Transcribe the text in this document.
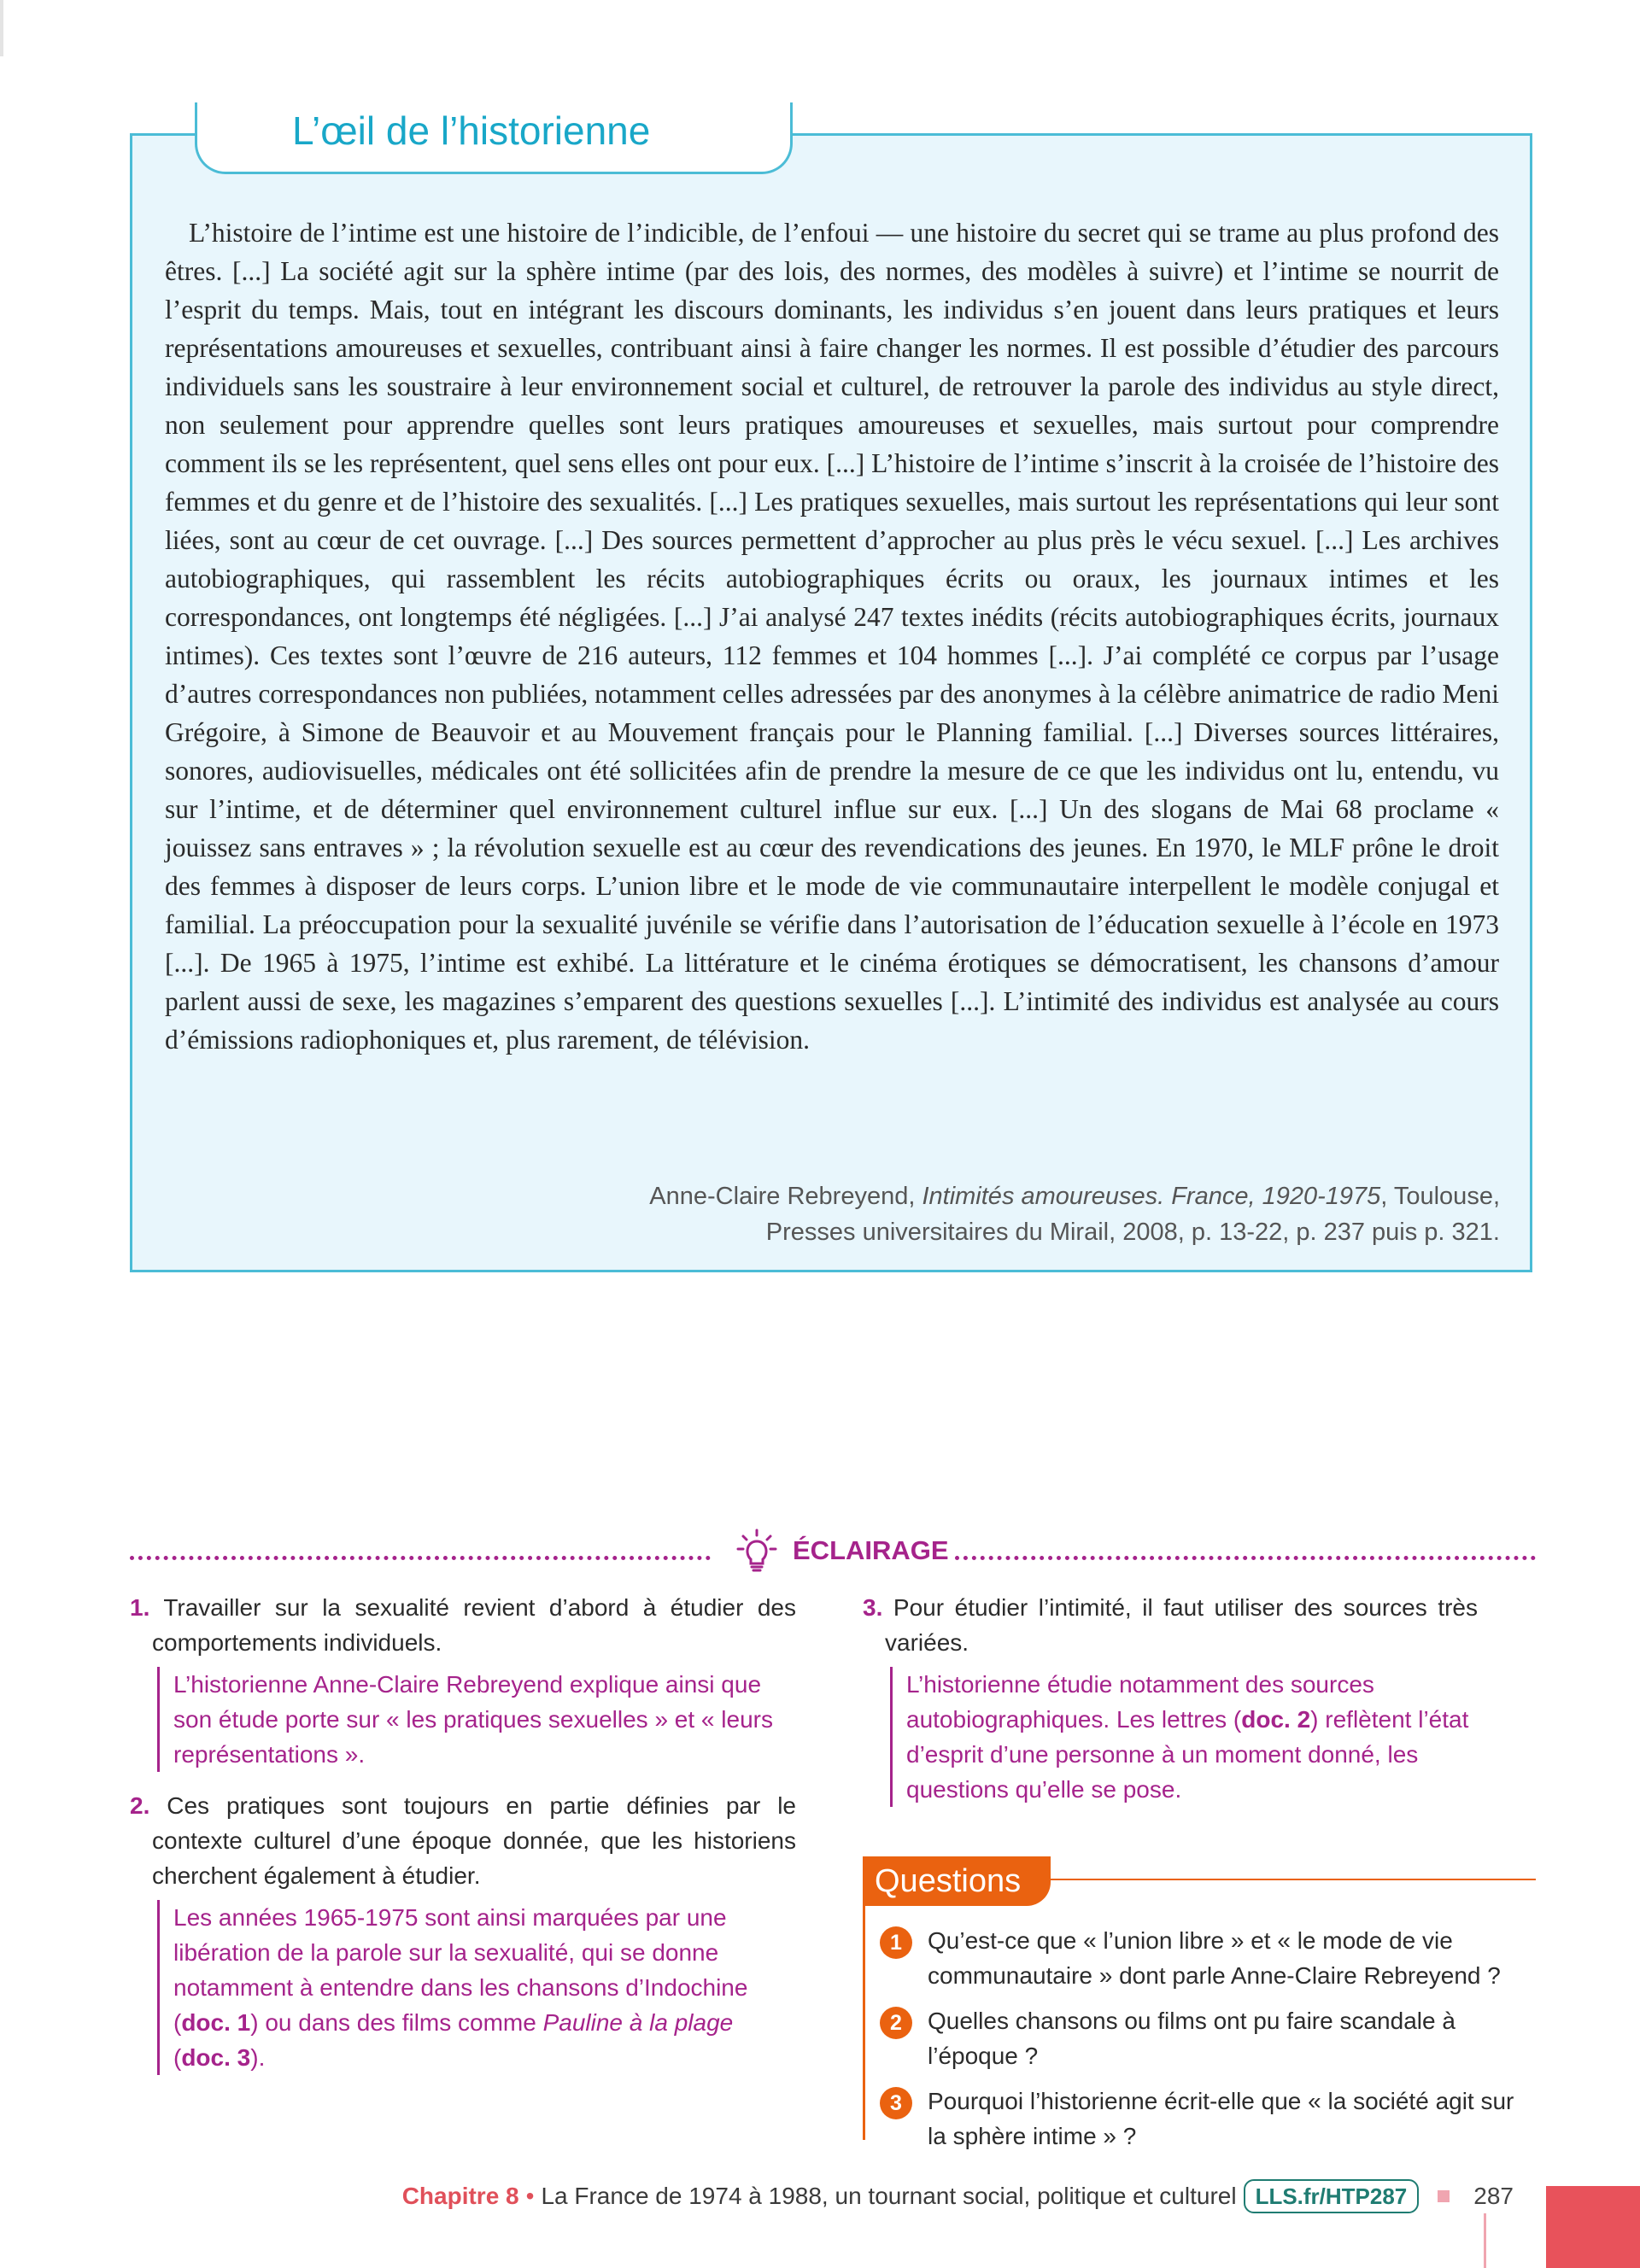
L’œil de l’historienne

L’histoire de l’intime est une histoire de l’indicible, de l’enfoui — une histoire du secret qui se trame au plus profond des êtres. [...] La société agit sur la sphère intime (par des lois, des normes, des modèles à suivre) et l’intime se nourrit de l’esprit du temps. Mais, tout en intégrant les discours dominants, les individus s’en jouent dans leurs pratiques et leurs représentations amoureuses et sexuelles, contribuant ainsi à faire changer les normes. Il est possible d’étudier des parcours individuels sans les soustraire à leur environnement social et culturel, de retrouver la parole des individus au style direct, non seulement pour apprendre quelles sont leurs pratiques amoureuses et sexuelles, mais surtout pour comprendre comment ils se les représentent, quel sens elles ont pour eux. [...] L’histoire de l’intime s’inscrit à la croisée de l’histoire des femmes et du genre et de l’histoire des sexualités. [...] Les pratiques sexuelles, mais surtout les représentations qui leur sont liées, sont au cœur de cet ouvrage. [...] Des sources permettent d’approcher au plus près le vécu sexuel. [...] Les archives autobiographiques, qui rassemblent les récits autobiographiques écrits ou oraux, les journaux intimes et les correspondances, ont longtemps été négligées. [...] J’ai analysé 247 textes inédits (récits autobiographiques écrits, journaux intimes). Ces textes sont l’œuvre de 216 auteurs, 112 femmes et 104 hommes [...]. J’ai complété ce corpus par l’usage d’autres correspondances non publiées, notamment celles adressées par des anonymes à la célèbre animatrice de radio Meni Grégoire, à Simone de Beauvoir et au Mouvement français pour le Planning familial. [...] Diverses sources littéraires, sonores, audiovisuelles, médicales ont été sollicitées afin de prendre la mesure de ce que les individus ont lu, entendu, vu sur l’intime, et de déterminer quel environnement culturel influe sur eux. [...] Un des slogans de Mai 68 proclame « jouissez sans entraves » ; la révolution sexuelle est au cœur des revendications des jeunes. En 1970, le MLF prône le droit des femmes à disposer de leurs corps. L’union libre et le mode de vie communautaire interpellent le modèle conjugal et familial. La préoccupation pour la sexualité juvénile se vérifie dans l’autorisation de l’éducation sexuelle à l’école en 1973 [...]. De 1965 à 1975, l’intime est exhibé. La littérature et le cinéma érotiques se démocratisent, les chansons d’amour parlent aussi de sexe, les magazines s’emparent des questions sexuelles [...]. L’intimité des individus est analysée au cours d’émissions radiophoniques et, plus rarement, de télévision.

Anne-Claire Rebreyend, Intimités amoureuses. France, 1920-1975, Toulouse,
Presses universitaires du Mirail, 2008, p. 13-22, p. 237 puis p. 321.

ÉCLAIRAGE
1. Travailler sur la sexualité revient d’abord à étudier des comportements individuels.
L’historienne Anne-Claire Rebreyend explique ainsi que son étude porte sur « les pratiques sexuelles » et « leurs représentations ».
2. Ces pratiques sont toujours en partie définies par le contexte culturel d’une époque donnée, que les historiens cherchent également à étudier.
Les années 1965-1975 sont ainsi marquées par une libération de la parole sur la sexualité, qui se donne notamment à entendre dans les chansons d’Indochine (doc. 1) ou dans des films comme Pauline à la plage (doc. 3).
3. Pour étudier l’intimité, il faut utiliser des sources très variées.
L’historienne étudie notamment des sources autobiographiques. Les lettres (doc. 2) reflètent l’état d’esprit d’une personne à un moment donné, les questions qu’elle se pose.
Questions
1	Qu’est-ce que « l’union libre » et « le mode de vie communautaire » dont parle Anne-Claire Rebreyend ?
2	Quelles chansons ou films ont pu faire scandale à l’époque ?
3	Pourquoi l’historienne écrit-elle que « la société agit sur la sphère intime » ?
Chapitre 8 • La France de 1974 à 1988, un tournant social, politique et culturel LLS.fr/HTP287	287
